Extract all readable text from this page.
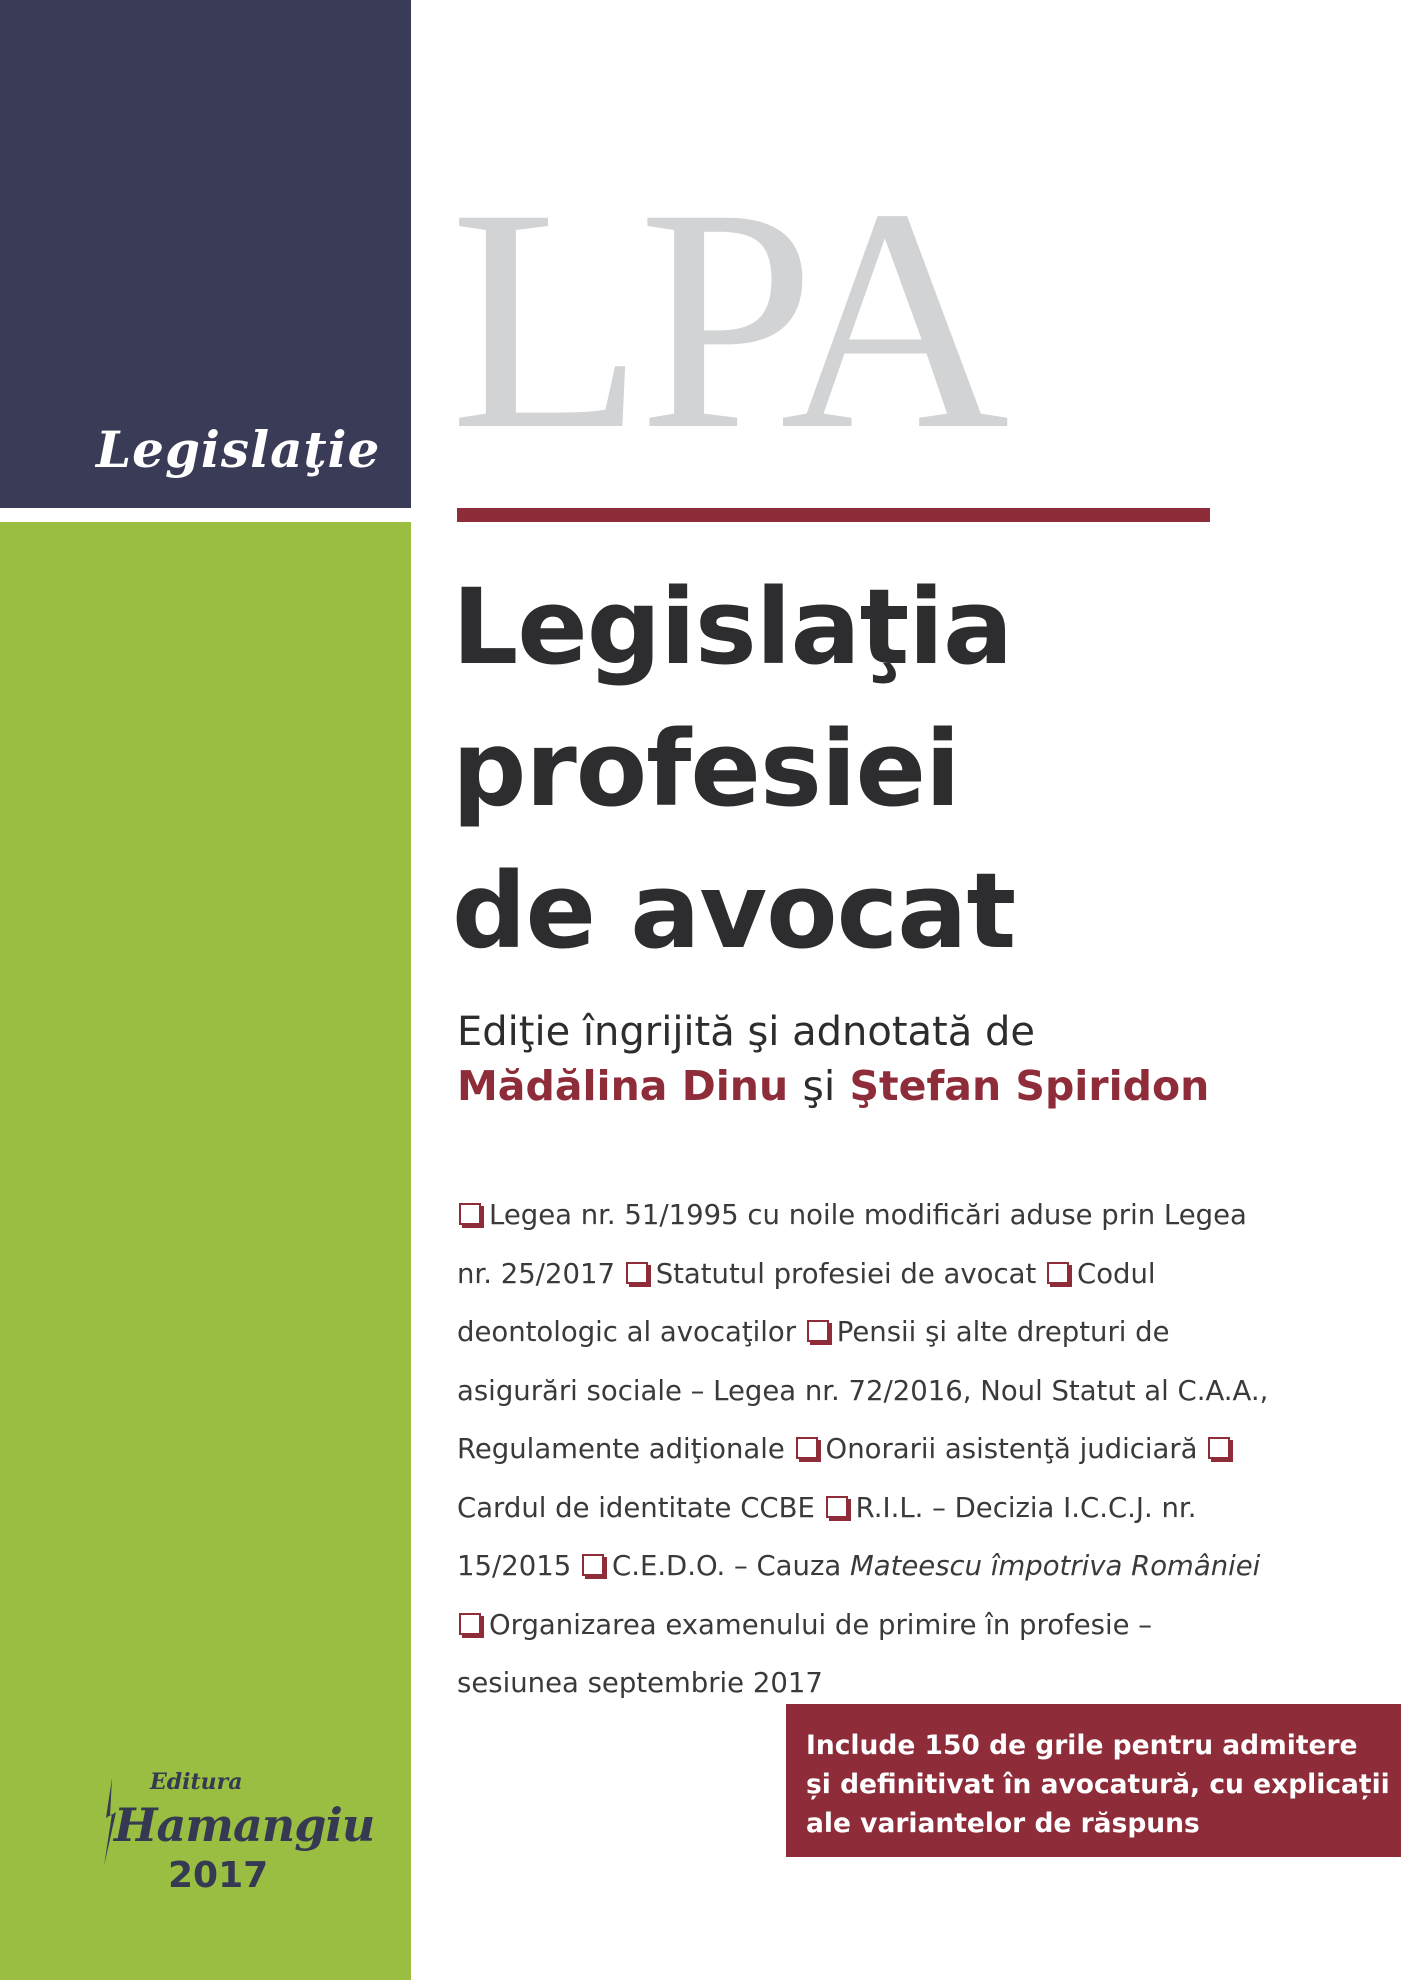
Legislaţie LPA
Legislaţia
profesiei
de avocat
Ediţie îngrijită şi adnotată de
Mădălina Dinu şi Ştefan Spiridon
Legea nr. 51/1995 cu noile modificări aduse prin Legea nr. 25/2017 Statutul profesiei de avocat Codul deontologic al avocaţilor Pensii şi alte drepturi de asigurări sociale – Legea nr. 72/2016, Noul Statut al C.A.A., Regulamente adiţionale Onorarii asistenţă judiciară Cardul de identitate CCBE R.I.L. – Decizia I.C.C.J. nr. 15/2015 C.E.D.O. – Cauza Mateescu împotriva României Organizarea examenului de primire în profesie – sesiunea septembrie 2017
Include 150 de grile pentru admitere
și definitivat în avocatură, cu explicații
ale variantelor de răspuns
Editura
Hamangiu
2017
